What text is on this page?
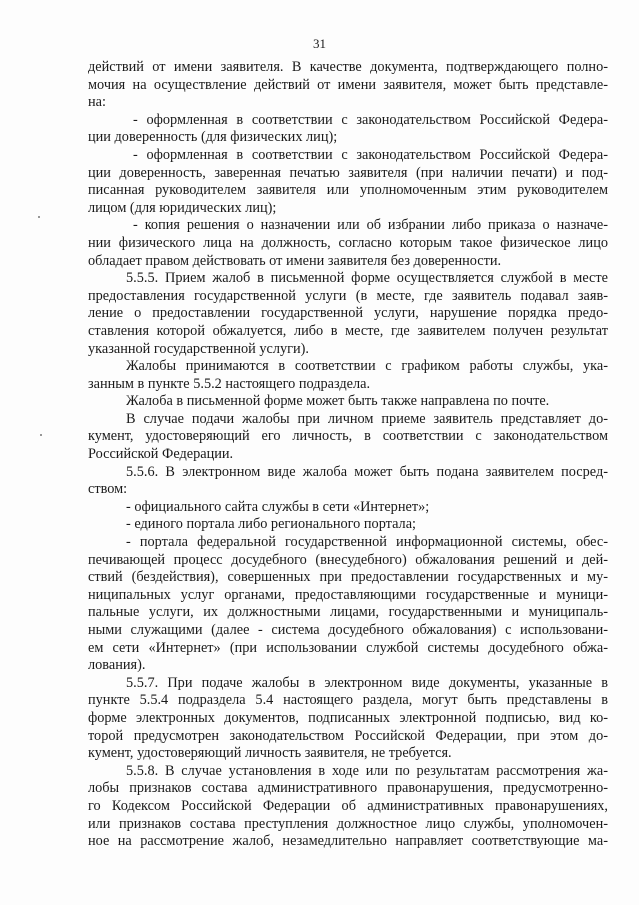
31
действий от имени заявителя. В качестве документа, подтверждающего полно-
мочия на осуществление действий от имени заявителя, может быть представле-
на:
- оформленная в соответствии с законодательством Российской Федера-
ции доверенность (для физических лиц);
- оформленная в соответствии с законодательством Российской Федера-
ции доверенность, заверенная печатью заявителя (при наличии печати) и под-
писанная руководителем заявителя или уполномоченным этим руководителем
лицом (для юридических лиц);
- копия решения о назначении или об избрании либо приказа о назначе-
нии физического лица на должность, согласно которым такое физическое лицо
обладает правом действовать от имени заявителя без доверенности.
5.5.5. Прием жалоб в письменной форме осуществляется службой в месте
предоставления государственной услуги (в месте, где заявитель подавал заяв-
ление о предоставлении государственной услуги, нарушение порядка предо-
ставления которой обжалуется, либо в месте, где заявителем получен результат
указанной государственной услуги).
Жалобы принимаются в соответствии с графиком работы службы, ука-
занным в пункте 5.5.2 настоящего подраздела.
Жалоба в письменной форме может быть также направлена по почте.
В случае подачи жалобы при личном приеме заявитель представляет до-
кумент, удостоверяющий его личность, в соответствии с законодательством
Российской Федерации.
5.5.6. В электронном виде жалоба может быть подана заявителем посред-
ством:
- официального сайта службы в сети «Интернет»;
- единого портала либо регионального портала;
- портала федеральной государственной информационной системы, обес-
печивающей процесс досудебного (внесудебного) обжалования решений и дей-
ствий (бездействия), совершенных при предоставлении государственных и му-
ниципальных услуг органами, предоставляющими государственные и муници-
пальные услуги, их должностными лицами, государственными и муниципаль-
ными служащими (далее - система досудебного обжалования) с использовани-
ем сети «Интернет» (при использовании службой системы досудебного обжа-
лования).
5.5.7. При подаче жалобы в электронном виде документы, указанные в
пункте 5.5.4 подраздела 5.4 настоящего раздела, могут быть представлены в
форме электронных документов, подписанных электронной подписью, вид ко-
торой предусмотрен законодательством Российской Федерации, при этом до-
кумент, удостоверяющий личность заявителя, не требуется.
5.5.8. В случае установления в ходе или по результатам рассмотрения жа-
лобы признаков состава административного правонарушения, предусмотренно-
го Кодексом Российской Федерации об административных правонарушениях,
или признаков состава преступления должностное лицо службы, уполномочен-
ное на рассмотрение жалоб, незамедлительно направляет соответствующие ма-
